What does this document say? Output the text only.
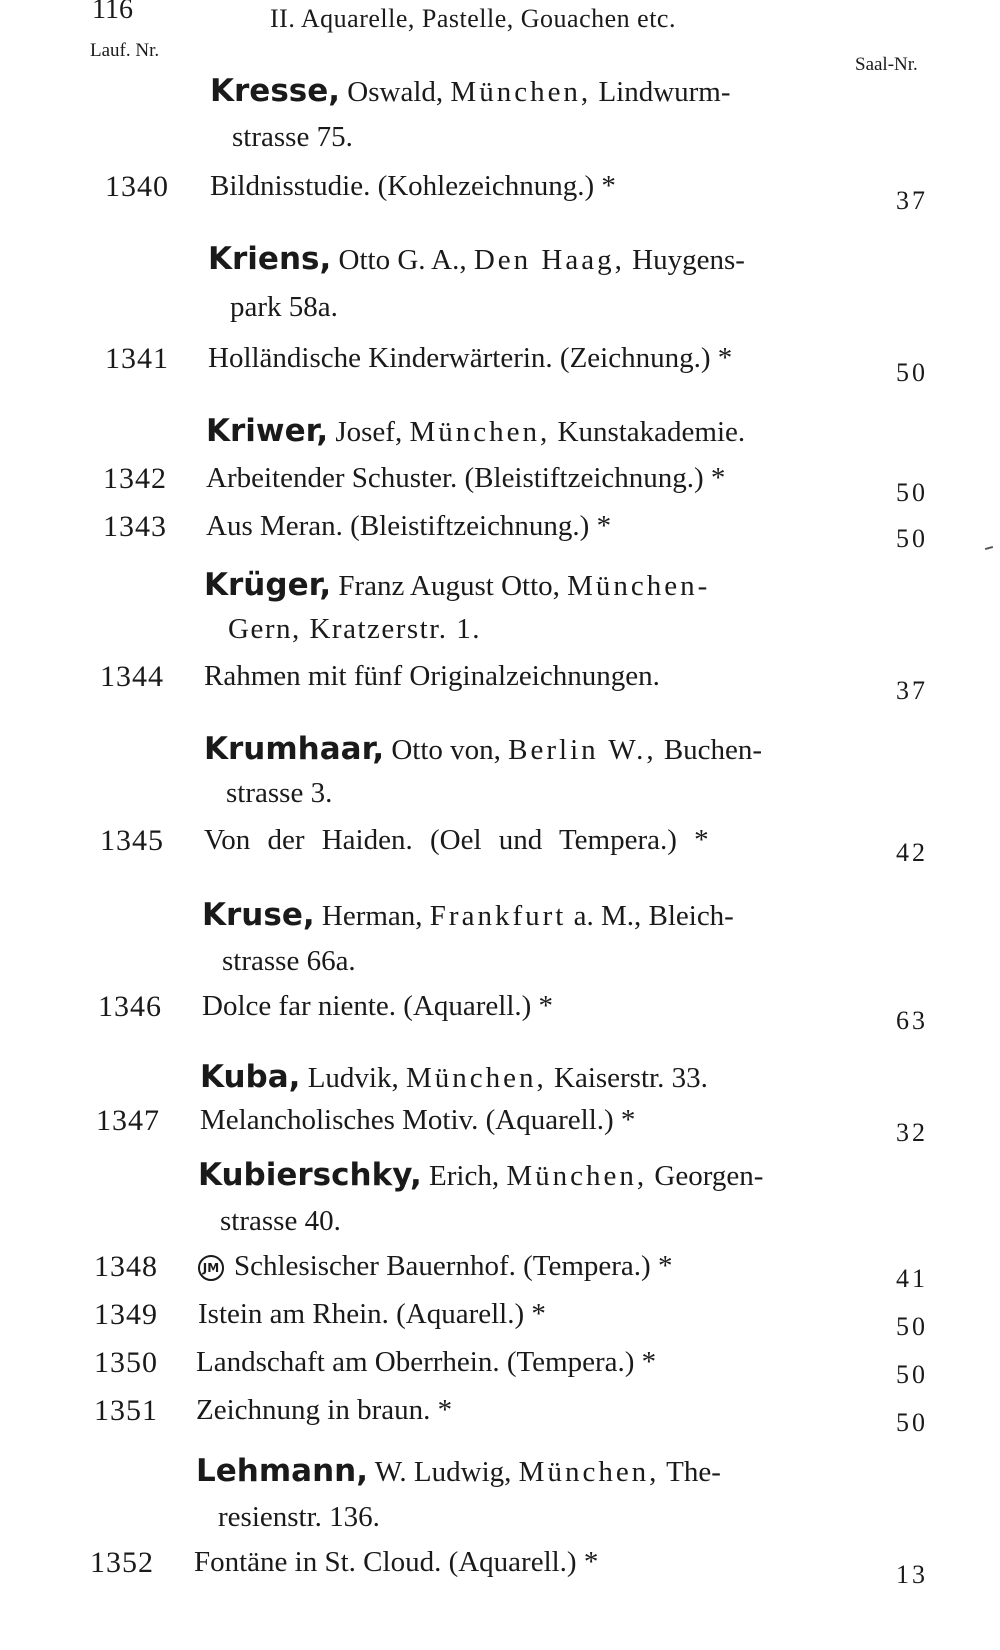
116	II. Aquarelle, Pastelle, Gouachen etc.
Lauf. Nr.
Saal-Nr.
Kresse, Oswald, München, Lindwurm-
strasse 75.
1340 Bildnisstudie. (Kohlezeichnung.) *	37
Kriens, Otto G. A., Den Haag, Huygens-
park 58a.
1341 Holländische Kinderwärterin. (Zeichnung.) *	50
Kriwer, Josef, München, Kunstakademie.
1342 Arbeitender Schuster. (Bleistiftzeichnung.) *	50
1343 Aus Meran. (Bleistiftzeichnung.) *	50
Krüger, Franz August Otto, München-
Gern, Kratzerstr. 1.
1344 Rahmen mit fünf Originalzeichnungen.	37
Krumhaar, Otto von, Berlin W., Buchen-
strasse 3.
1345 Von der Haiden. (Oel und Tempera.) *	42
Kruse, Herman, Frankfurt a. M., Bleich-
strasse 66a.
1346 Dolce far niente. (Aquarell.) *	63
Kuba, Ludvik, München, Kaiserstr. 33.
1347 Melancholisches Motiv. (Aquarell.) *	32
Kubierschky, Erich, München, Georgen-
strasse 40.
1348	JM Schlesischer Bauernhof. (Tempera.) *	41
1349 Istein am Rhein. (Aquarell.) *	50
1350 Landschaft am Oberrhein. (Tempera.) *	50
1351 Zeichnung in braun. *	50
Lehmann, W. Ludwig, München, The-
resienstr. 136.
1352 Fontäne in St. Cloud. (Aquarell.) *	13
